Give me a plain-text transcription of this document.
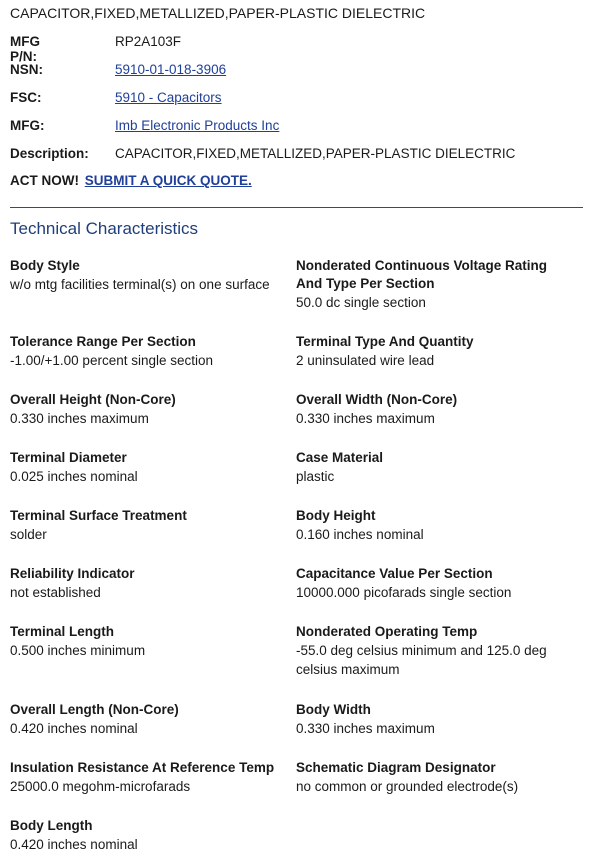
CAPACITOR,FIXED,METALLIZED,PAPER-PLASTIC DIELECTRIC
MFG P/N:
RP2A103F
NSN:	5910-01-018-3906
FSC:	5910 - Capacitors
MFG:	Imb Electronic Products Inc
Description: CAPACITOR,FIXED,METALLIZED,PAPER-PLASTIC DIELECTRIC
ACT NOW! SUBMIT A QUICK QUOTE.
Technical Characteristics
Body Style
w/o mtg facilities terminal(s) on one surface
Nonderated Continuous Voltage Rating And Type Per Section
50.0 dc single section
Tolerance Range Per Section
-1.00/+1.00 percent single section
Terminal Type And Quantity
2 uninsulated wire lead
Overall Height (Non-Core)
0.330 inches maximum
Overall Width (Non-Core)
0.330 inches maximum
Terminal Diameter
0.025 inches nominal
Case Material
plastic
Terminal Surface Treatment
solder
Body Height
0.160 inches nominal
Reliability Indicator
not established
Capacitance Value Per Section
10000.000 picofarads single section
Terminal Length
0.500 inches minimum
Nonderated Operating Temp
-55.0 deg celsius minimum and 125.0 deg celsius maximum
Overall Length (Non-Core)
0.420 inches nominal
Body Width
0.330 inches maximum
Insulation Resistance At Reference Temp
25000.0 megohm-microfarads
Schematic Diagram Designator
no common or grounded electrode(s)
Body Length
0.420 inches nominal
